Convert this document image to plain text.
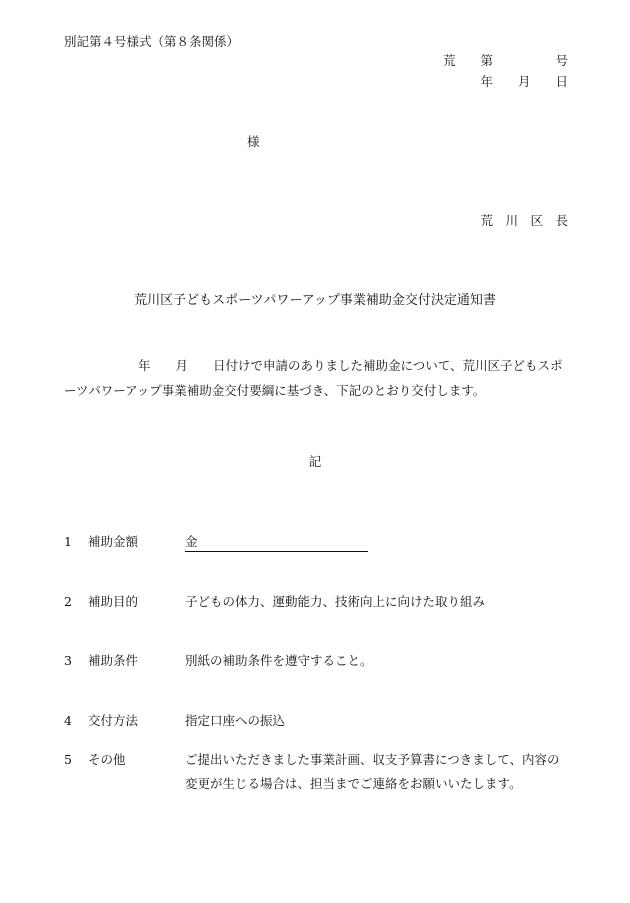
別記第４号様式（第８条関係）
荒　　第　　　　　号
年　　月　　日
様
荒　川　区　長
荒川区子どもスポーツパワーアップ事業補助金交付決定通知書
年　　月　　日付けで申請のありました補助金について、荒川区子どもスポーツパワーアップ事業補助金交付要綱に基づき、下記のとおり交付します。
記
1 補助金額	金
2 補助目的	子どもの体力、運動能力、技術向上に向けた取り組み
3 補助条件	別紙の補助条件を遵守すること。
4 交付方法	指定口座への振込
5 その他	ご提出いただきました事業計画、収支予算書につきまして、内容の変更が生じる場合は、担当までご連絡をお願いいたします。
